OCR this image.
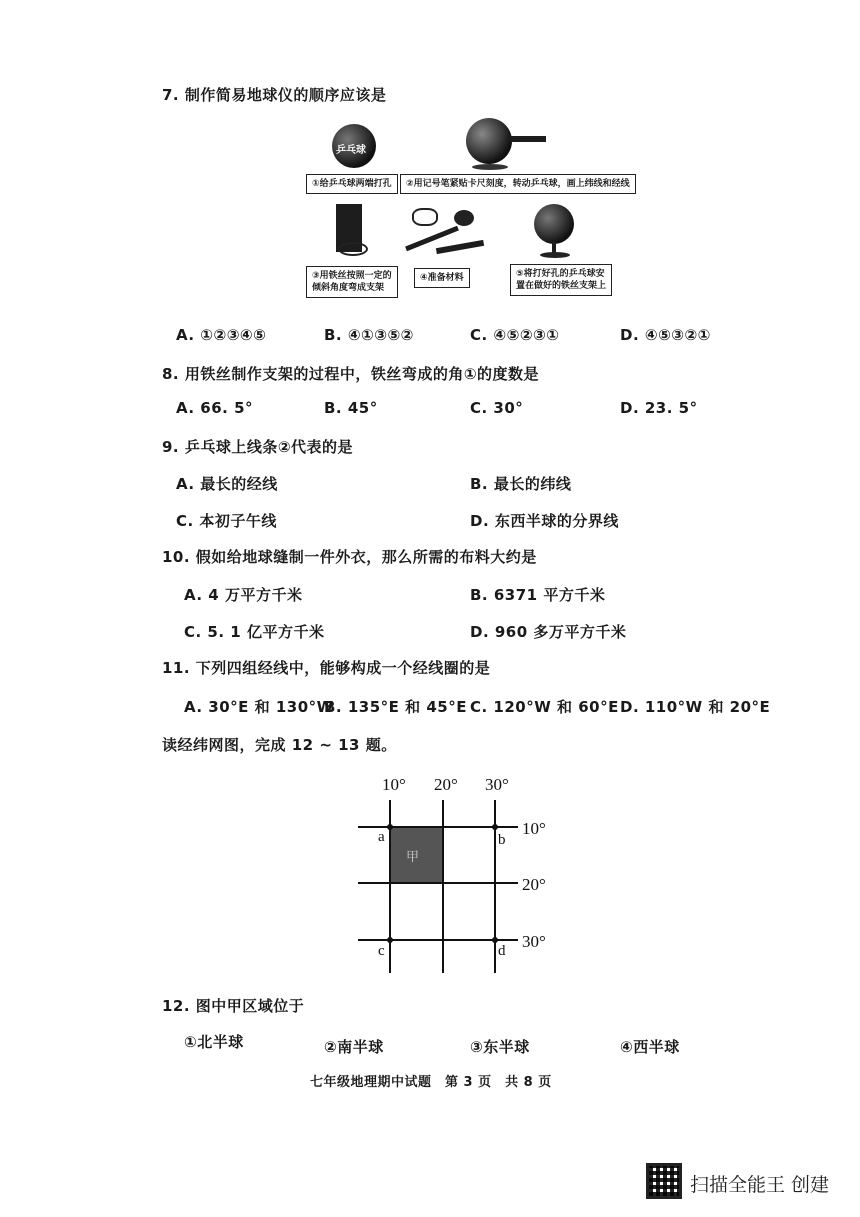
7. 制作简易地球仪的顺序应该是
乒乓球
①给乒乓球两端打孔	②用记号笔紧贴卡尺刻度，转动乒乓球，画上纬线和经线
③用铁丝按照一定的
倾斜角度弯成支架
④准备材料	⑤将打好孔的乒乓球安
置在做好的铁丝支架上
A. ①②③④⑤	B. ④①③⑤②	C. ④⑤②③①	D. ④⑤③②①
8. 用铁丝制作支架的过程中，铁丝弯成的角①的度数是
A. 66. 5°	B. 45°	C. 30°	D. 23. 5°
9. 乒乓球上线条②代表的是
A. 最长的经线	B. 最长的纬线
C. 本初子午线	D. 东西半球的分界线
10. 假如给地球缝制一件外衣，那么所需的布料大约是
A. 4 万平方千米	B. 6371 平方千米
C. 5. 1 亿平方千米	D. 960 多万平方千米
11. 下列四组经线中，能够构成一个经线圈的是
A. 30°E 和 130°W
B. 135°E 和 45°E C. 120°W 和 60°E D. 110°W 和 20°E
读经纬网图，完成 12 ~ 13 题。
10° 20° 30°
10°
20°
30°
a	b
c	d
甲
12. 图中甲区域位于
①北半球	②南半球	③东半球	④西半球
七年级地理期中试题　第 3 页　共 8 页
扫描全能王 创建
